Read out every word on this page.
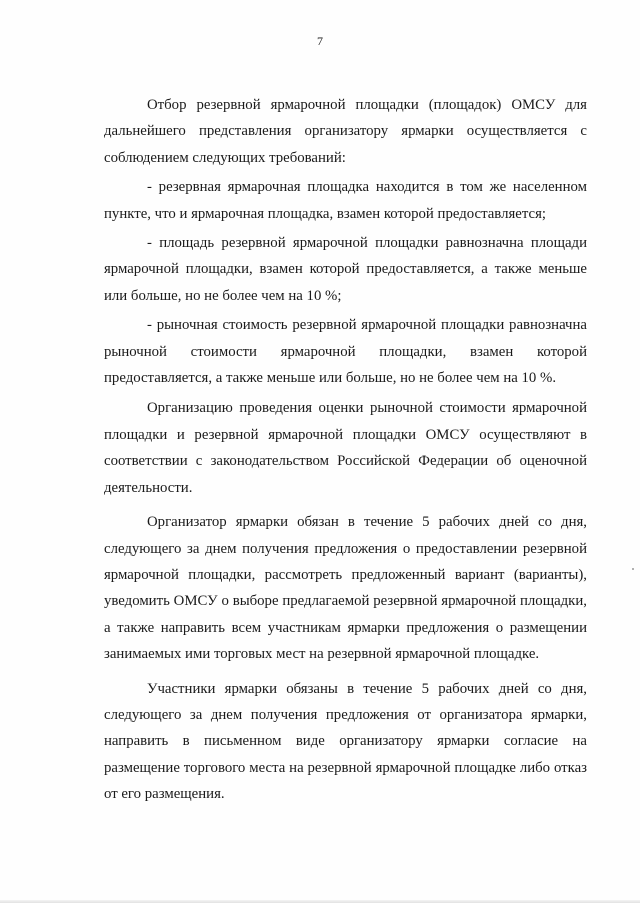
7

Отбор резервной ярмарочной площадки (площадок) ОМСУ для дальнейшего представления организатору ярмарки осуществляется с соблюдением следующих требований:

- резервная ярмарочная площадка находится в том же населенном пункте, что и ярмарочная площадка, взамен которой предоставляется;

- площадь резервной ярмарочной площадки равнозначна площади ярмарочной площадки, взамен которой предоставляется, а также меньше или больше, но не более чем на 10 %;

- рыночная стоимость резервной ярмарочной площадки равнозначна рыночной стоимости ярмарочной площадки, взамен которой предоставляется, а также меньше или больше, но не более чем на 10 %.

Организацию проведения оценки рыночной стоимости ярмарочной площадки и резервной ярмарочной площадки ОМСУ осуществляют в соответствии с законодательством Российской Федерации об оценочной деятельности.

Организатор ярмарки обязан в течение 5 рабочих дней со дня, следующего за днем получения предложения о предоставлении резервной ярмарочной площадки, рассмотреть предложенный вариант (варианты), уведомить ОМСУ о выборе предлагаемой резервной ярмарочной площадки, а также направить всем участникам ярмарки предложения о размещении занимаемых ими торговых мест на резервной ярмарочной площадке.

Участники ярмарки обязаны в течение 5 рабочих дней со дня, следующего за днем получения предложения от организатора ярмарки, направить в письменном виде организатору ярмарки согласие на размещение торгового места на резервной ярмарочной площадке либо отказ от его размещения.
